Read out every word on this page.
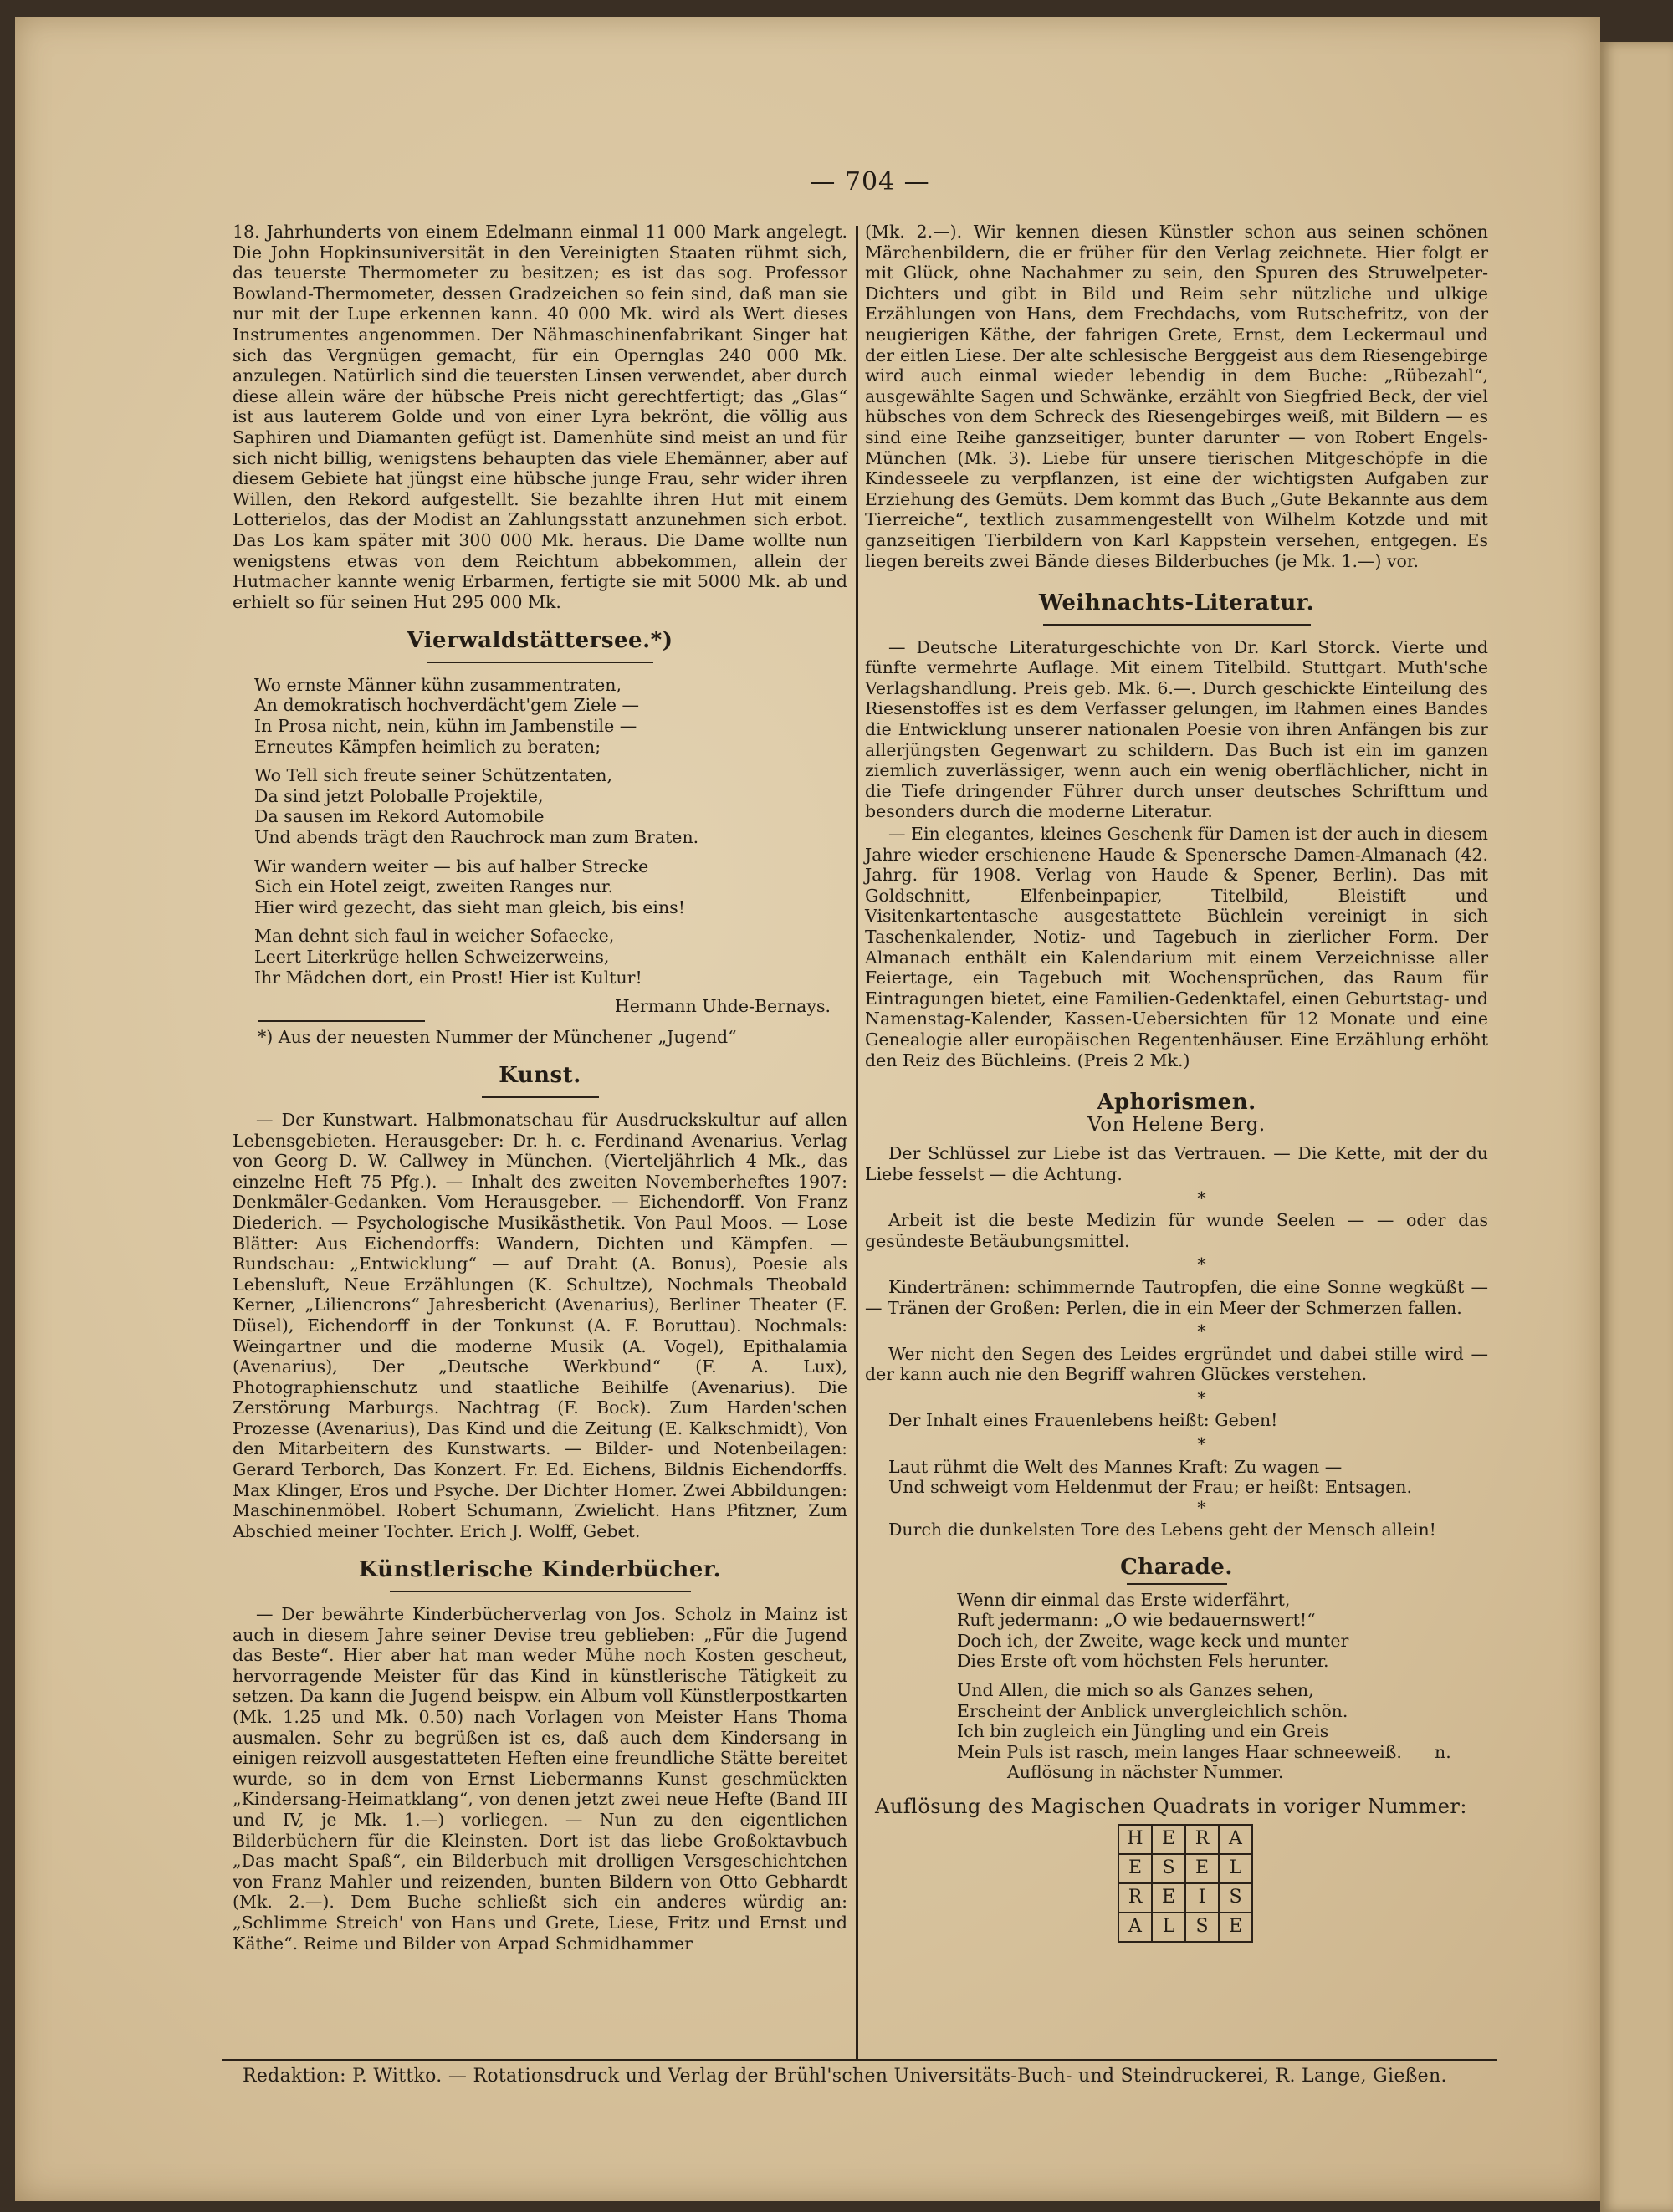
— 704 —

18. Jahrhunderts von einem Edelmann einmal 11 000 Mark angelegt. Die John Hopkinsuniversität in den Vereinigten Staaten rühmt sich, das teuerste Thermometer zu besitzen; es ist das sog. Professor Bowland-Thermometer, dessen Gradzeichen so fein sind, daß man sie nur mit der Lupe erkennen kann. 40 000 Mk. wird als Wert dieses Instrumentes angenommen. Der Nähmaschinenfabrikant Singer hat sich das Vergnügen gemacht, für ein Opernglas 240 000 Mk. anzulegen. Natürlich sind die teuersten Linsen verwendet, aber durch diese allein wäre der hübsche Preis nicht gerechtfertigt; das „Glas“ ist aus lauterem Golde und von einer Lyra bekrönt, die völlig aus Saphiren und Diamanten gefügt ist. Damenhüte sind meist an und für sich nicht billig, wenigstens behaupten das viele Ehemänner, aber auf diesem Gebiete hat jüngst eine hübsche junge Frau, sehr wider ihren Willen, den Rekord aufgestellt. Sie bezahlte ihren Hut mit einem Lotterielos, das der Modist an Zahlungsstatt anzunehmen sich erbot. Das Los kam später mit 300 000 Mk. heraus. Die Dame wollte nun wenigstens etwas von dem Reichtum abbekommen, allein der Hutmacher kannte wenig Erbarmen, fertigte sie mit 5000 Mk. ab und erhielt so für seinen Hut 295 000 Mk.

Vierwaldstättersee.*)
Wo ernste Männer kühn zusammentraten,
An demokratisch hochverdächt'gem Ziele —
In Prosa nicht, nein, kühn im Jambenstile —
Erneutes Kämpfen heimlich zu beraten;
Wo Tell sich freute seiner Schützentaten,
Da sind jetzt Poloballe Projektile,
Da sausen im Rekord Automobile
Und abends trägt den Rauchrock man zum Braten.
Wir wandern weiter — bis auf halber Strecke
Sich ein Hotel zeigt, zweiten Ranges nur.
Hier wird gezecht, das sieht man gleich, bis eins!
Man dehnt sich faul in weicher Sofaecke,
Leert Literkrüge hellen Schweizerweins,
Ihr Mädchen dort, ein Prost! Hier ist Kultur!
Hermann Uhde-Bernays.
*) Aus der neuesten Nummer der Münchener „Jugend“
Kunst.

— Der Kunstwart. Halbmonatschau für Ausdruckskultur auf allen Lebensgebieten. Herausgeber: Dr. h. c. Ferdinand Avenarius. Verlag von Georg D. W. Callwey in München. (Vierteljährlich 4 Mk., das einzelne Heft 75 Pfg.). — Inhalt des zweiten Novemberheftes 1907: Denkmäler-Gedanken. Vom Herausgeber. — Eichendorff. Von Franz Diederich. — Psychologische Musikästhetik. Von Paul Moos. — Lose Blätter: Aus Eichendorffs: Wandern, Dichten und Kämpfen. — Rundschau: „Entwicklung“ — auf Draht (A. Bonus), Poesie als Lebensluft, Neue Erzählungen (K. Schultze), Nochmals Theobald Kerner, „Liliencrons“ Jahresbericht (Avenarius), Berliner Theater (F. Düsel), Eichendorff in der Tonkunst (A. F. Boruttau). Nochmals: Weingartner und die moderne Musik (A. Vogel), Epithalamia (Avenarius), Der „Deutsche Werkbund“ (F. A. Lux), Photographienschutz und staatliche Beihilfe (Avenarius). Die Zerstörung Marburgs. Nachtrag (F. Bock). Zum Harden'schen Prozesse (Avenarius), Das Kind und die Zeitung (E. Kalkschmidt), Von den Mitarbeitern des Kunstwarts. — Bilder- und Notenbeilagen: Gerard Terborch, Das Konzert. Fr. Ed. Eichens, Bildnis Eichendorffs. Max Klinger, Eros und Psyche. Der Dichter Homer. Zwei Abbildungen: Maschinenmöbel. Robert Schumann, Zwielicht. Hans Pfitzner, Zum Abschied meiner Tochter. Erich J. Wolff, Gebet.

Künstlerische Kinderbücher.

— Der bewährte Kinderbücherverlag von Jos. Scholz in Mainz ist auch in diesem Jahre seiner Devise treu geblieben: „Für die Jugend das Beste“. Hier aber hat man weder Mühe noch Kosten gescheut, hervorragende Meister für das Kind in künstlerische Tätigkeit zu setzen. Da kann die Jugend beispw. ein Album voll Künstlerpostkarten (Mk. 1.25 und Mk. 0.50) nach Vorlagen von Meister Hans Thoma ausmalen. Sehr zu begrüßen ist es, daß auch dem Kindersang in einigen reizvoll ausgestatteten Heften eine freundliche Stätte bereitet wurde, so in dem von Ernst Liebermanns Kunst geschmückten „Kindersang-Heimatklang“, von denen jetzt zwei neue Hefte (Band III und IV, je Mk. 1.—) vorliegen. — Nun zu den eigentlichen Bilderbüchern für die Kleinsten. Dort ist das liebe Großoktavbuch „Das macht Spaß“, ein Bilderbuch mit drolligen Versgeschichtchen von Franz Mahler und reizenden, bunten Bildern von Otto Gebhardt (Mk. 2.—). Dem Buche schließt sich ein anderes würdig an: „Schlimme Streich' von Hans und Grete, Liese, Fritz und Ernst und Käthe“. Reime und Bilder von Arpad Schmidhammer

(Mk. 2.—). Wir kennen diesen Künstler schon aus seinen schönen Märchenbildern, die er früher für den Verlag zeichnete. Hier folgt er mit Glück, ohne Nachahmer zu sein, den Spuren des Struwelpeter-Dichters und gibt in Bild und Reim sehr nützliche und ulkige Erzählungen von Hans, dem Frechdachs, vom Rutschefritz, von der neugierigen Käthe, der fahrigen Grete, Ernst, dem Leckermaul und der eitlen Liese. Der alte schlesische Berggeist aus dem Riesengebirge wird auch einmal wieder lebendig in dem Buche: „Rübezahl“, ausgewählte Sagen und Schwänke, erzählt von Siegfried Beck, der viel hübsches von dem Schreck des Riesengebirges weiß, mit Bildern — es sind eine Reihe ganzseitiger, bunter darunter — von Robert Engels-München (Mk. 3). Liebe für unsere tierischen Mitgeschöpfe in die Kindesseele zu verpflanzen, ist eine der wichtigsten Aufgaben zur Erziehung des Gemüts. Dem kommt das Buch „Gute Bekannte aus dem Tierreiche“, textlich zusammengestellt von Wilhelm Kotzde und mit ganzseitigen Tierbildern von Karl Kappstein versehen, entgegen. Es liegen bereits zwei Bände dieses Bilderbuches (je Mk. 1.—) vor.

Weihnachts-Literatur.

— Deutsche Literaturgeschichte von Dr. Karl Storck. Vierte und fünfte vermehrte Auflage. Mit einem Titelbild. Stuttgart. Muth'sche Verlagshandlung. Preis geb. Mk. 6.—. Durch geschickte Einteilung des Riesenstoffes ist es dem Verfasser gelungen, im Rahmen eines Bandes die Entwicklung unserer nationalen Poesie von ihren Anfängen bis zur allerjüngsten Gegenwart zu schildern. Das Buch ist ein im ganzen ziemlich zuverlässiger, wenn auch ein wenig oberflächlicher, nicht in die Tiefe dringender Führer durch unser deutsches Schrifttum und besonders durch die moderne Literatur.

— Ein elegantes, kleines Geschenk für Damen ist der auch in diesem Jahre wieder erschienene Haude & Spenersche Damen-Almanach (42. Jahrg. für 1908. Verlag von Haude & Spener, Berlin). Das mit Goldschnitt, Elfenbeinpapier, Titelbild, Bleistift und Visitenkartentasche ausgestattete Büchlein vereinigt in sich Taschenkalender, Notiz- und Tagebuch in zierlicher Form. Der Almanach enthält ein Kalendarium mit einem Verzeichnisse aller Feiertage, ein Tagebuch mit Wochensprüchen, das Raum für Eintragungen bietet, eine Familien-Gedenktafel, einen Geburtstag- und Namenstag-Kalender, Kassen-Uebersichten für 12 Monate und eine Genealogie aller europäischen Regentenhäuser. Eine Erzählung erhöht den Reiz des Büchleins. (Preis 2 Mk.)

Aphorismen.
Von Helene Berg.

Der Schlüssel zur Liebe ist das Vertrauen. — Die Kette, mit der du Liebe fesselst — die Achtung.

*

Arbeit ist die beste Medizin für wunde Seelen — — oder das gesündeste Betäubungsmittel.

*

Kindertränen: schimmernde Tautropfen, die eine Sonne wegküßt — — Tränen der Großen: Perlen, die in ein Meer der Schmerzen fallen.

*

Wer nicht den Segen des Leides ergründet und dabei stille wird — der kann auch nie den Begriff wahren Glückes verstehen.

*

Der Inhalt eines Frauenlebens heißt: Geben!

*
Laut rühmt die Welt des Mannes Kraft: Zu wagen —
Und schweigt vom Heldenmut der Frau; er heißt: Entsagen.
*

Durch die dunkelsten Tore des Lebens geht der Mensch allein!

Charade.
Wenn dir einmal das Erste widerfährt,
Ruft jedermann: „O wie bedauernswert!“
Doch ich, der Zweite, wage keck und munter
Dies Erste oft vom höchsten Fels herunter.
Und Allen, die mich so als Ganzes sehen,
Erscheint der Anblick unvergleichlich schön.
Ich bin zugleich ein Jüngling und ein Greis
Mein Puls ist rasch, mein langes Haar schneeweiß.      n.
Auflösung in nächster Nummer.
Auflösung des Magischen Quadrats in voriger Nummer:
H	E	R	A
E	S	E	L
R	E	I	S
A	L	S	E
Redaktion: P. Wittko. — Rotationsdruck und Verlag der Brühl'schen Universitäts-Buch- und Steindruckerei, R. Lange, Gießen.
